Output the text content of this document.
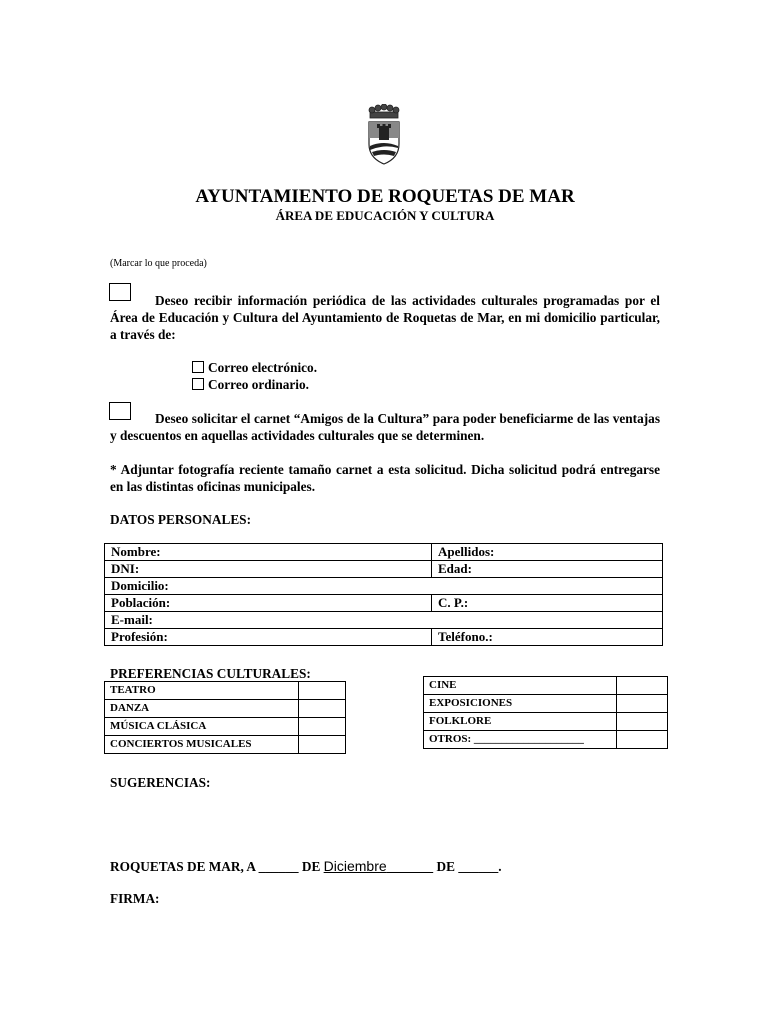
AYUNTAMIENTO DE ROQUETAS DE MAR
ÁREA DE EDUCACIÓN Y CULTURA
(Marcar lo que proceda)
Deseo recibir información periódica de las actividades culturales programadas por el Área de Educación y Cultura del Ayuntamiento de Roquetas de Mar, en mi domicilio particular, a través de:
Correo electrónico.
Correo ordinario.
Deseo solicitar el carnet “Amigos de la Cultura” para poder beneficiarme de las ventajas y descuentos en aquellas actividades culturales que se determinen.
* Adjuntar fotografía reciente tamaño carnet a esta solicitud. Dicha solicitud podrá entregarse en las distintas oficinas municipales.
DATOS PERSONALES:
Nombre:	Apellidos:
DNI:	Edad:
Domicilio:	
Población:	C. P.:
E-mail:	
Profesión:	Teléfono.:
PREFERENCIAS CULTURALES:
TEATRO	
DANZA	
MÚSICA CLÁSICA	
CONCIERTOS MUSICALES	
CINE	
EXPOSICIONES	
FOLKLORE	
OTROS: ____________________	
SUGERENCIAS:
ROQUETAS DE MAR, A ______ DE Diciembre	DE ______.
FIRMA:
